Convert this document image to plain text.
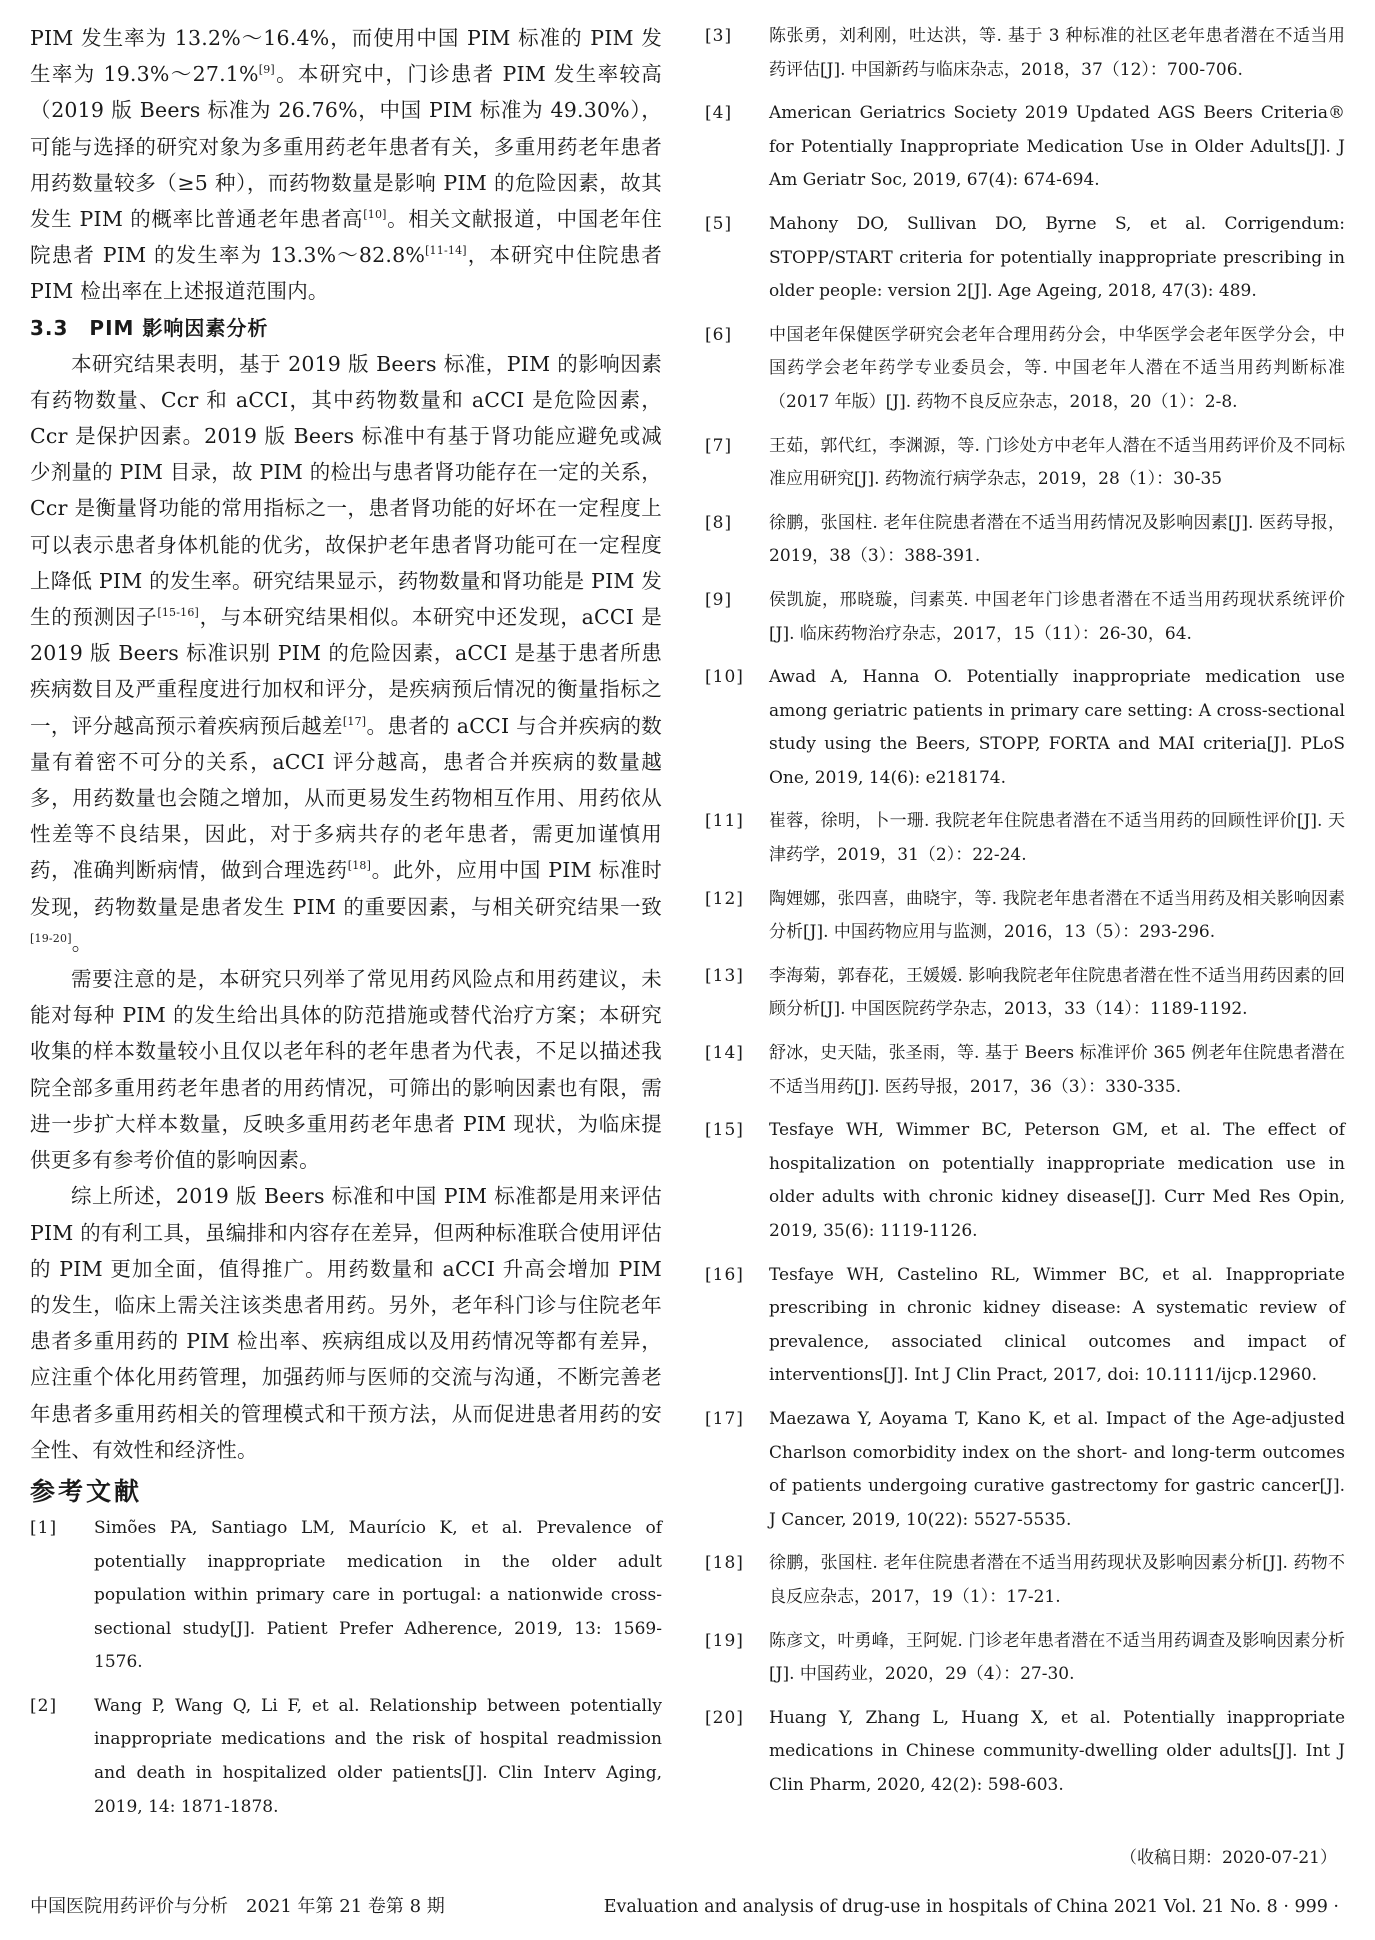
PIM 发生率为 13.2%～16.4%，而使用中国 PIM 标准的 PIM 发生率为 19.3%～27.1%[9]。本研究中，门诊患者 PIM 发生率较高（2019 版 Beers 标准为 26.76%，中国 PIM 标准为 49.30%），可能与选择的研究对象为多重用药老年患者有关，多重用药老年患者用药数量较多（≥5 种），而药物数量是影响 PIM 的危险因素，故其发生 PIM 的概率比普通老年患者高[10]。相关文献报道，中国老年住院患者 PIM 的发生率为 13.3%～82.8%[11-14]，本研究中住院患者 PIM 检出率在上述报道范围内。

3.3　PIM 影响因素分析

本研究结果表明，基于 2019 版 Beers 标准，PIM 的影响因素有药物数量、Ccr 和 aCCI，其中药物数量和 aCCI 是危险因素，Ccr 是保护因素。2019 版 Beers 标准中有基于肾功能应避免或减少剂量的 PIM 目录，故 PIM 的检出与患者肾功能存在一定的关系，Ccr 是衡量肾功能的常用指标之一，患者肾功能的好坏在一定程度上可以表示患者身体机能的优劣，故保护老年患者肾功能可在一定程度上降低 PIM 的发生率。研究结果显示，药物数量和肾功能是 PIM 发生的预测因子[15-16]，与本研究结果相似。本研究中还发现，aCCI 是 2019 版 Beers 标准识别 PIM 的危险因素，aCCI 是基于患者所患疾病数目及严重程度进行加权和评分，是疾病预后情况的衡量指标之一，评分越高预示着疾病预后越差[17]。患者的 aCCI 与合并疾病的数量有着密不可分的关系，aCCI 评分越高，患者合并疾病的数量越多，用药数量也会随之增加，从而更易发生药物相互作用、用药依从性差等不良结果，因此，对于多病共存的老年患者，需更加谨慎用药，准确判断病情，做到合理选药[18]。此外，应用中国 PIM 标准时发现，药物数量是患者发生 PIM 的重要因素，与相关研究结果一致[19-20]。

需要注意的是，本研究只列举了常见用药风险点和用药建议，未能对每种 PIM 的发生给出具体的防范措施或替代治疗方案；本研究收集的样本数量较小且仅以老年科的老年患者为代表，不足以描述我院全部多重用药老年患者的用药情况，可筛出的影响因素也有限，需进一步扩大样本数量，反映多重用药老年患者 PIM 现状，为临床提供更多有参考价值的影响因素。

综上所述，2019 版 Beers 标准和中国 PIM 标准都是用来评估 PIM 的有利工具，虽编排和内容存在差异，但两种标准联合使用评估的 PIM 更加全面，值得推广。用药数量和 aCCI 升高会增加 PIM 的发生，临床上需关注该类患者用药。另外，老年科门诊与住院老年患者多重用药的 PIM 检出率、疾病组成以及用药情况等都有差异，应注重个体化用药管理，加强药师与医师的交流与沟通，不断完善老年患者多重用药相关的管理模式和干预方法，从而促进患者用药的安全性、有效性和经济性。

参考文献
[1]	Simões PA, Santiago LM, Maurício K, et al. Prevalence of potentially inappropriate medication in the older adult population within primary care in portugal: a nationwide cross-sectional study[J]. Patient Prefer Adherence, 2019, 13: 1569-1576.
[2]	Wang P, Wang Q, Li F, et al. Relationship between potentially inappropriate medications and the risk of hospital readmission and death in hospitalized older patients[J]. Clin Interv Aging, 2019, 14: 1871-1878.
[3]	陈张勇，刘利刚，吐达洪，等. 基于 3 种标准的社区老年患者潜在不适当用药评估[J]. 中国新药与临床杂志，2018，37（12）：700-706.
[4]	American Geriatrics Society 2019 Updated AGS Beers Criteria® for Potentially Inappropriate Medication Use in Older Adults[J]. J Am Geriatr Soc, 2019, 67(4): 674-694.
[5]	Mahony DO, Sullivan DO, Byrne S, et al. Corrigendum: STOPP/START criteria for potentially inappropriate prescribing in older people: version 2[J]. Age Ageing, 2018, 47(3): 489.
[6]	中国老年保健医学研究会老年合理用药分会，中华医学会老年医学分会，中国药学会老年药学专业委员会，等. 中国老年人潜在不适当用药判断标准（2017 年版）[J]. 药物不良反应杂志，2018，20（1）：2-8.
[7]	王茹，郭代红，李渊源，等. 门诊处方中老年人潜在不适当用药评价及不同标准应用研究[J]. 药物流行病学杂志，2019，28（1）：30-35
[8]	徐鹏，张国柱. 老年住院患者潜在不适当用药情况及影响因素[J]. 医药导报，2019，38（3）：388-391.
[9]	侯凯旋，邢晓璇，闫素英. 中国老年门诊患者潜在不适当用药现状系统评价[J]. 临床药物治疗杂志，2017，15（11）：26-30，64.
[10]	Awad A, Hanna O. Potentially inappropriate medication use among geriatric patients in primary care setting: A cross-sectional study using the Beers, STOPP, FORTA and MAI criteria[J]. PLoS One, 2019, 14(6): e218174.
[11]	崔蓉，徐明，卜一珊. 我院老年住院患者潜在不适当用药的回顾性评价[J]. 天津药学，2019，31（2）：22-24.
[12]	陶娌娜，张四喜，曲晓宇，等. 我院老年患者潜在不适当用药及相关影响因素分析[J]. 中国药物应用与监测，2016，13（5）：293-296.
[13]	李海菊，郭春花，王媛媛. 影响我院老年住院患者潜在性不适当用药因素的回顾分析[J]. 中国医院药学杂志，2013，33（14）：1189-1192.
[14]	舒冰，史天陆，张圣雨，等. 基于 Beers 标准评价 365 例老年住院患者潜在不适当用药[J]. 医药导报，2017，36（3）：330-335.
[15]	Tesfaye WH, Wimmer BC, Peterson GM, et al. The effect of hospitalization on potentially inappropriate medication use in older adults with chronic kidney disease[J]. Curr Med Res Opin, 2019, 35(6): 1119-1126.
[16]	Tesfaye WH, Castelino RL, Wimmer BC, et al. Inappropriate prescribing in chronic kidney disease: A systematic review of prevalence, associated clinical outcomes and impact of interventions[J]. Int J Clin Pract, 2017, doi: 10.1111/ijcp.12960.
[17]	Maezawa Y, Aoyama T, Kano K, et al. Impact of the Age-adjusted Charlson comorbidity index on the short- and long-term outcomes of patients undergoing curative gastrectomy for gastric cancer[J]. J Cancer, 2019, 10(22): 5527-5535.
[18]	徐鹏，张国柱. 老年住院患者潜在不适当用药现状及影响因素分析[J]. 药物不良反应杂志，2017，19（1）：17-21.
[19]	陈彦文，叶勇峰，王阿妮. 门诊老年患者潜在不适当用药调查及影响因素分析[J]. 中国药业，2020，29（4）：27-30.
[20]	Huang Y, Zhang L, Huang X, et al. Potentially inappropriate medications in Chinese community-dwelling older adults[J]. Int J Clin Pharm, 2020, 42(2): 598-603.
（收稿日期：2020-07-21）
中国医院用药评价与分析　2021 年第 21 卷第 8 期	Evaluation and analysis of drug-use in hospitals of China 2021 Vol. 21 No. 8 · 999 ·
